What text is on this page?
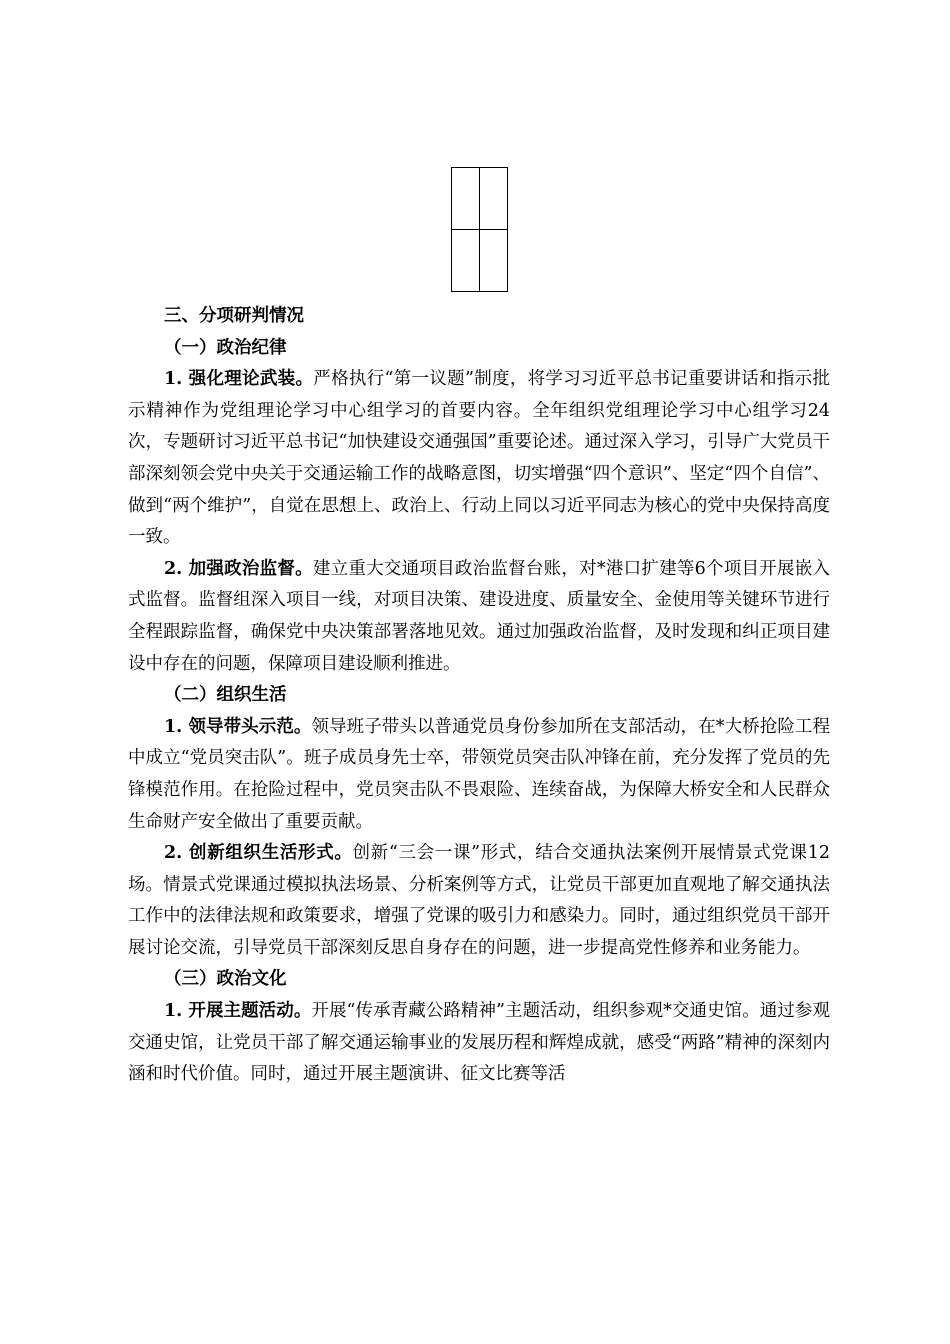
三、分项研判情况

（一）政治纪律

1. 强化理论武装。严格执行“第一议题”制度，将学习习近平总书记重要讲话和指示批示精神作为党组理论学习中心组学习的首要内容。全年组织党组理论学习中心组学习24次，专题研讨习近平总书记“加快建设交通强国”重要论述。通过深入学习，引导广大党员干部深刻领会党中央关于交通运输工作的战略意图，切实增强“四个意识”、坚定“四个自信”、做到“两个维护”，自觉在思想上、政治上、行动上同以习近平同志为核心的党中央保持高度一致。

2. 加强政治监督。建立重大交通项目政治监督台账，对*港口扩建等6个项目开展嵌入式监督。监督组深入项目一线，对项目决策、建设进度、质量安全、金使用等关键环节进行全程跟踪监督，确保党中央决策部署落地见效。通过加强政治监督，及时发现和纠正项目建设中存在的问题，保障项目建设顺利推进。

（二）组织生活

1. 领导带头示范。领导班子带头以普通党员身份参加所在支部活动，在*大桥抢险工程中成立“党员突击队”。班子成员身先士卒，带领党员突击队冲锋在前，充分发挥了党员的先锋模范作用。在抢险过程中，党员突击队不畏艰险、连续奋战，为保障大桥安全和人民群众生命财产安全做出了重要贡献。

2. 创新组织生活形式。创新“三会一课”形式，结合交通执法案例开展情景式党课12场。情景式党课通过模拟执法场景、分析案例等方式，让党员干部更加直观地了解交通执法工作中的法律法规和政策要求，增强了党课的吸引力和感染力。同时，通过组织党员干部开展讨论交流，引导党员干部深刻反思自身存在的问题，进一步提高党性修养和业务能力。

（三）政治文化

1. 开展主题活动。开展“传承青藏公路精神”主题活动，组织参观*交通史馆。通过参观交通史馆，让党员干部了解交通运输事业的发展历程和辉煌成就，感受“两路”精神的深刻内涵和时代价值。同时，通过开展主题演讲、征文比赛等活
